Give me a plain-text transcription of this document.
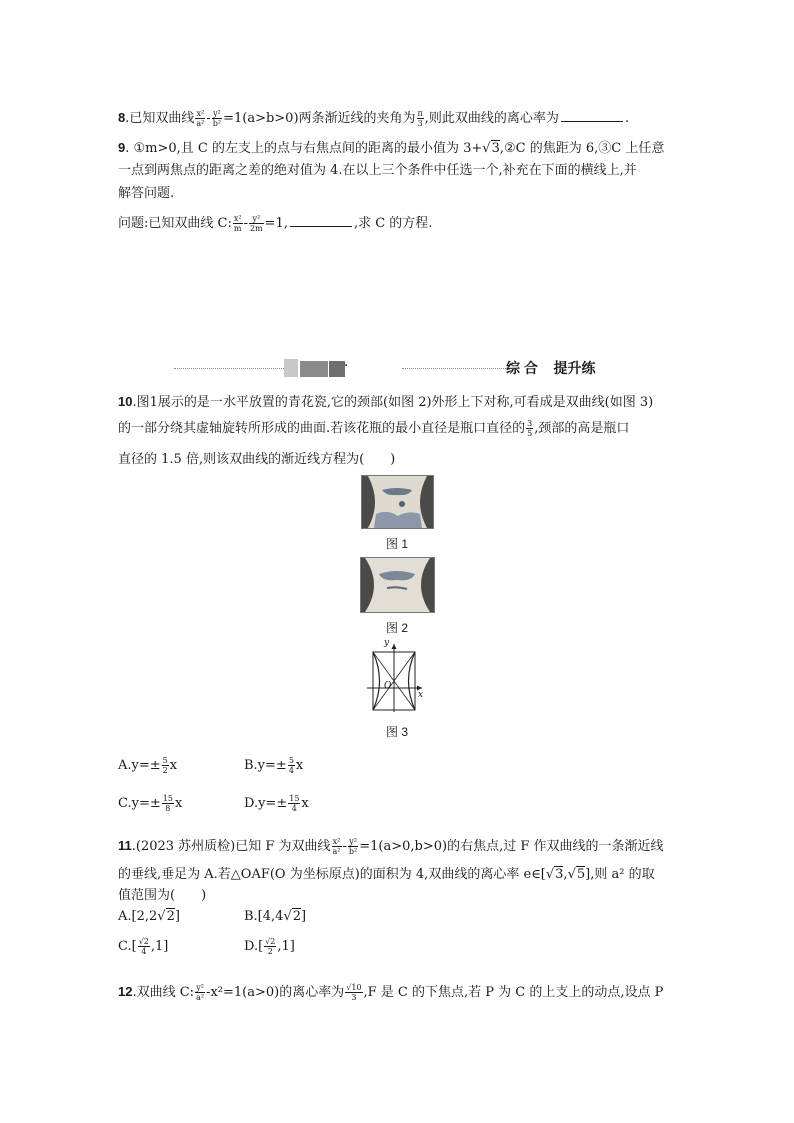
8.已知双曲线 $\frac{\text{x²}}{\text{a²}} - \frac{\text{y²}}{\text{b²}} =1(a>b>0)$两条渐近线的夹角为 $\frac{\pi}{3}$ ,则此双曲线的离心率为	.
9. ①m>0,且 C 的左支上的点与右焦点间的距离的最小值为 3+√3,②C 的焦距为 6,③C 上任意
一点到两焦点的距离之差的绝对值为 4.在以上三个条件中任选一个,补充在下面的横线上,并
解答问题.
问题:已知双曲线 C: $\frac{\text{x²}}{m} - \frac{\text{y²}}{2m} =1$,	,求 C 的方程.
·	综 合    提升练
10.图1展示的是一水平放置的青花瓷,它的颈部(如图 2)外形上下对称,可看成是双曲线(如图 3)
的一部分绕其虚轴旋转所形成的曲面.若该花瓶的最小直径是瓶口直径的 $\frac{3}{5}$ ,颈部的高是瓶口
直径的 1.5 倍,则该双曲线的渐近线方程为(　　)
图 1
图 2
y
x
O
图 3
$A.y=\pm \frac{5}{2}$ x	$B.y=\pm \frac{5}{4}$ x
$C.y=\pm \frac{15}{8}$ x	$D.y=\pm \frac{15}{4}$ x
11.(2023 苏州质检)已知 F 为双曲线 $\frac{\text{x²}}{\text{a²}} - \frac{\text{y²}}{\text{b²}} =1(a>0,b>0)$的右焦点,过 F 作双曲线的一条渐近线
的垂线,垂足为 A.若△OAF(O 为坐标原点)的面积为 4,双曲线的离心率 e∈[√3,√5],则 a² 的取
值范围为(　　)
A.[2,2√2]	B.[4,4√2]
$C.[ \frac{√2}{4} ,1]$	$D.[ \frac{√2}{2} ,1]$
12.双曲线 C: $\frac{\text{y²}}{\text{a²}} -x^2=1(a>0)$的离心率为 $\frac{√10}{3} ,F$ 是 C 的下焦点,若 P 为 C 的上支上的动点,设点 P
